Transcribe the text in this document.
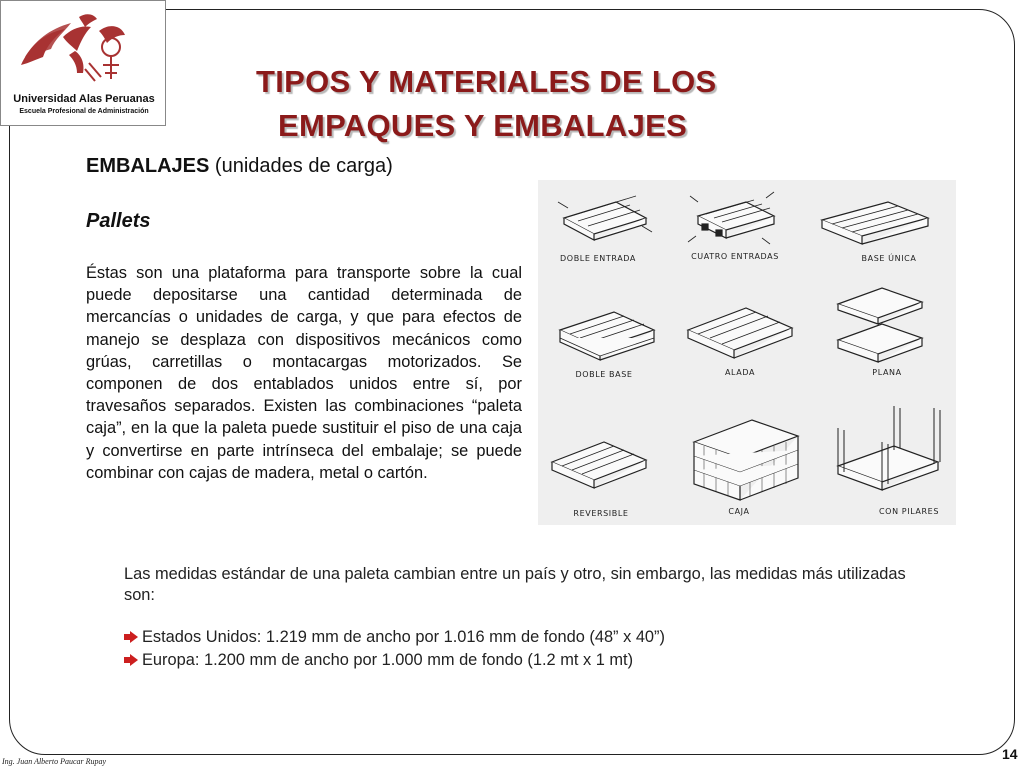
Universidad Alas Peruanas
Escuela Profesional de Administración
TIPOS Y MATERIALES DE LOS
EMPAQUES Y EMBALAJES
EMBALAJES (unidades de carga)
Pallets
Éstas son una plataforma para transporte sobre la cual puede depositarse una cantidad determinada de mercancías o unidades de carga, y que para efectos de manejo se desplaza con dispositivos mecánicos como grúas, carretillas o montacargas motorizados. Se componen de dos entablados unidos entre sí, por travesaños separados. Existen las combinaciones “paleta caja”, en la que la paleta puede sustituir el piso de una caja y convertirse en parte intrínseca del embalaje; se puede combinar con cajas de madera, metal o cartón.
DOBLE ENTRADA	CUATRO ENTRADAS	BASE ÚNICA
DOBLE BASE	ALADA	PLANA
REVERSIBLE	CAJA	CON PILARES
Las medidas estándar de una paleta cambian entre un país y otro, sin embargo, las medidas más utilizadas son:
Estados Unidos: 1.219 mm de ancho por 1.016 mm de fondo (48” x 40”)
Europa: 1.200 mm de ancho por 1.000 mm de fondo (1.2 mt x 1 mt)
Ing. Juan Alberto Paucar Rupay	14
